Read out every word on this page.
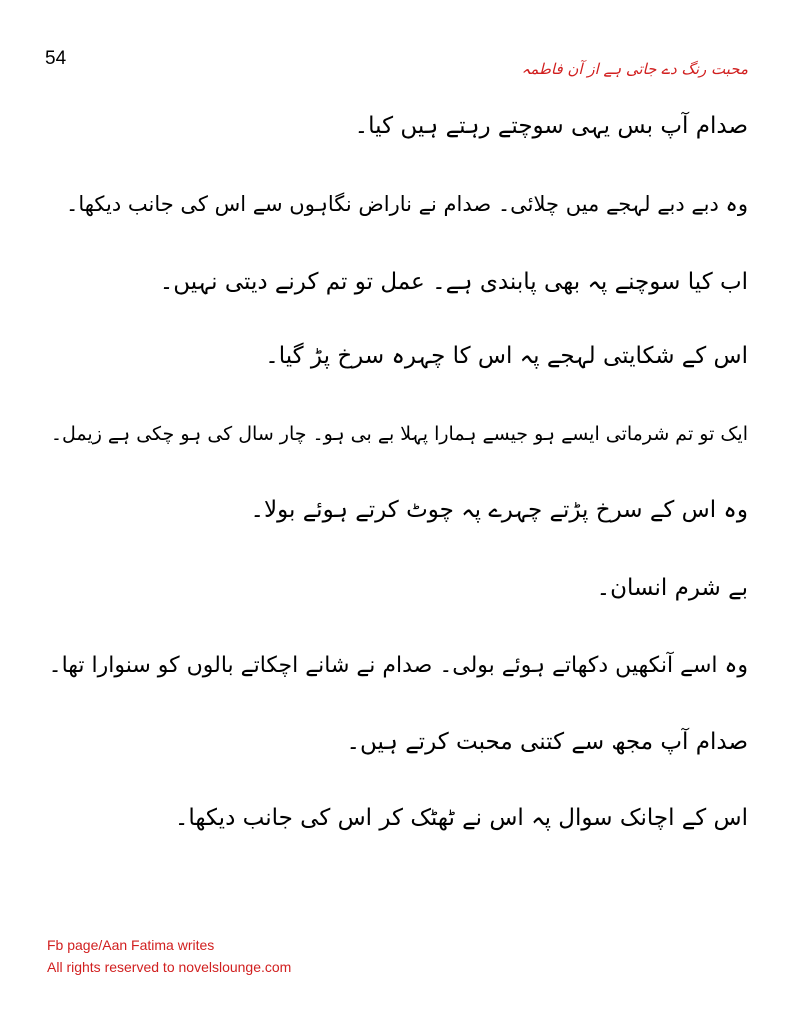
54	محبت رنگ دے جاتی ہے از آن فاطمہ
صدام آپ بس یہی سوچتے رہتے ہیں کیا۔
وہ دبے دبے لہجے میں چلائی۔ صدام نے ناراض نگاہوں سے اس کی جانب دیکھا۔
اب کیا سوچنے پہ بھی پابندی ہے۔ عمل تو تم کرنے دیتی نہیں۔
اس کے شکایتی لہجے پہ اس کا چہرہ سرخ پڑ گیا۔
ایک تو تم شرماتی ایسے ہو جیسے ہمارا پہلا بے بی ہو۔ چار سال کی ہو چکی ہے زیمل۔
وہ اس کے سرخ پڑتے چہرے پہ چوٹ کرتے ہوئے بولا۔
بے شرم انسان۔
وہ اسے آنکھیں دکھاتے ہوئے بولی۔ صدام نے شانے اچکاتے بالوں کو سنوارا تھا۔
صدام آپ مجھ سے کتنی محبت کرتے ہیں۔
اس کے اچانک سوال پہ اس نے ٹھٹک کر اس کی جانب دیکھا۔
Fb page/Aan Fatima writes
All rights reserved to novelslounge.com
